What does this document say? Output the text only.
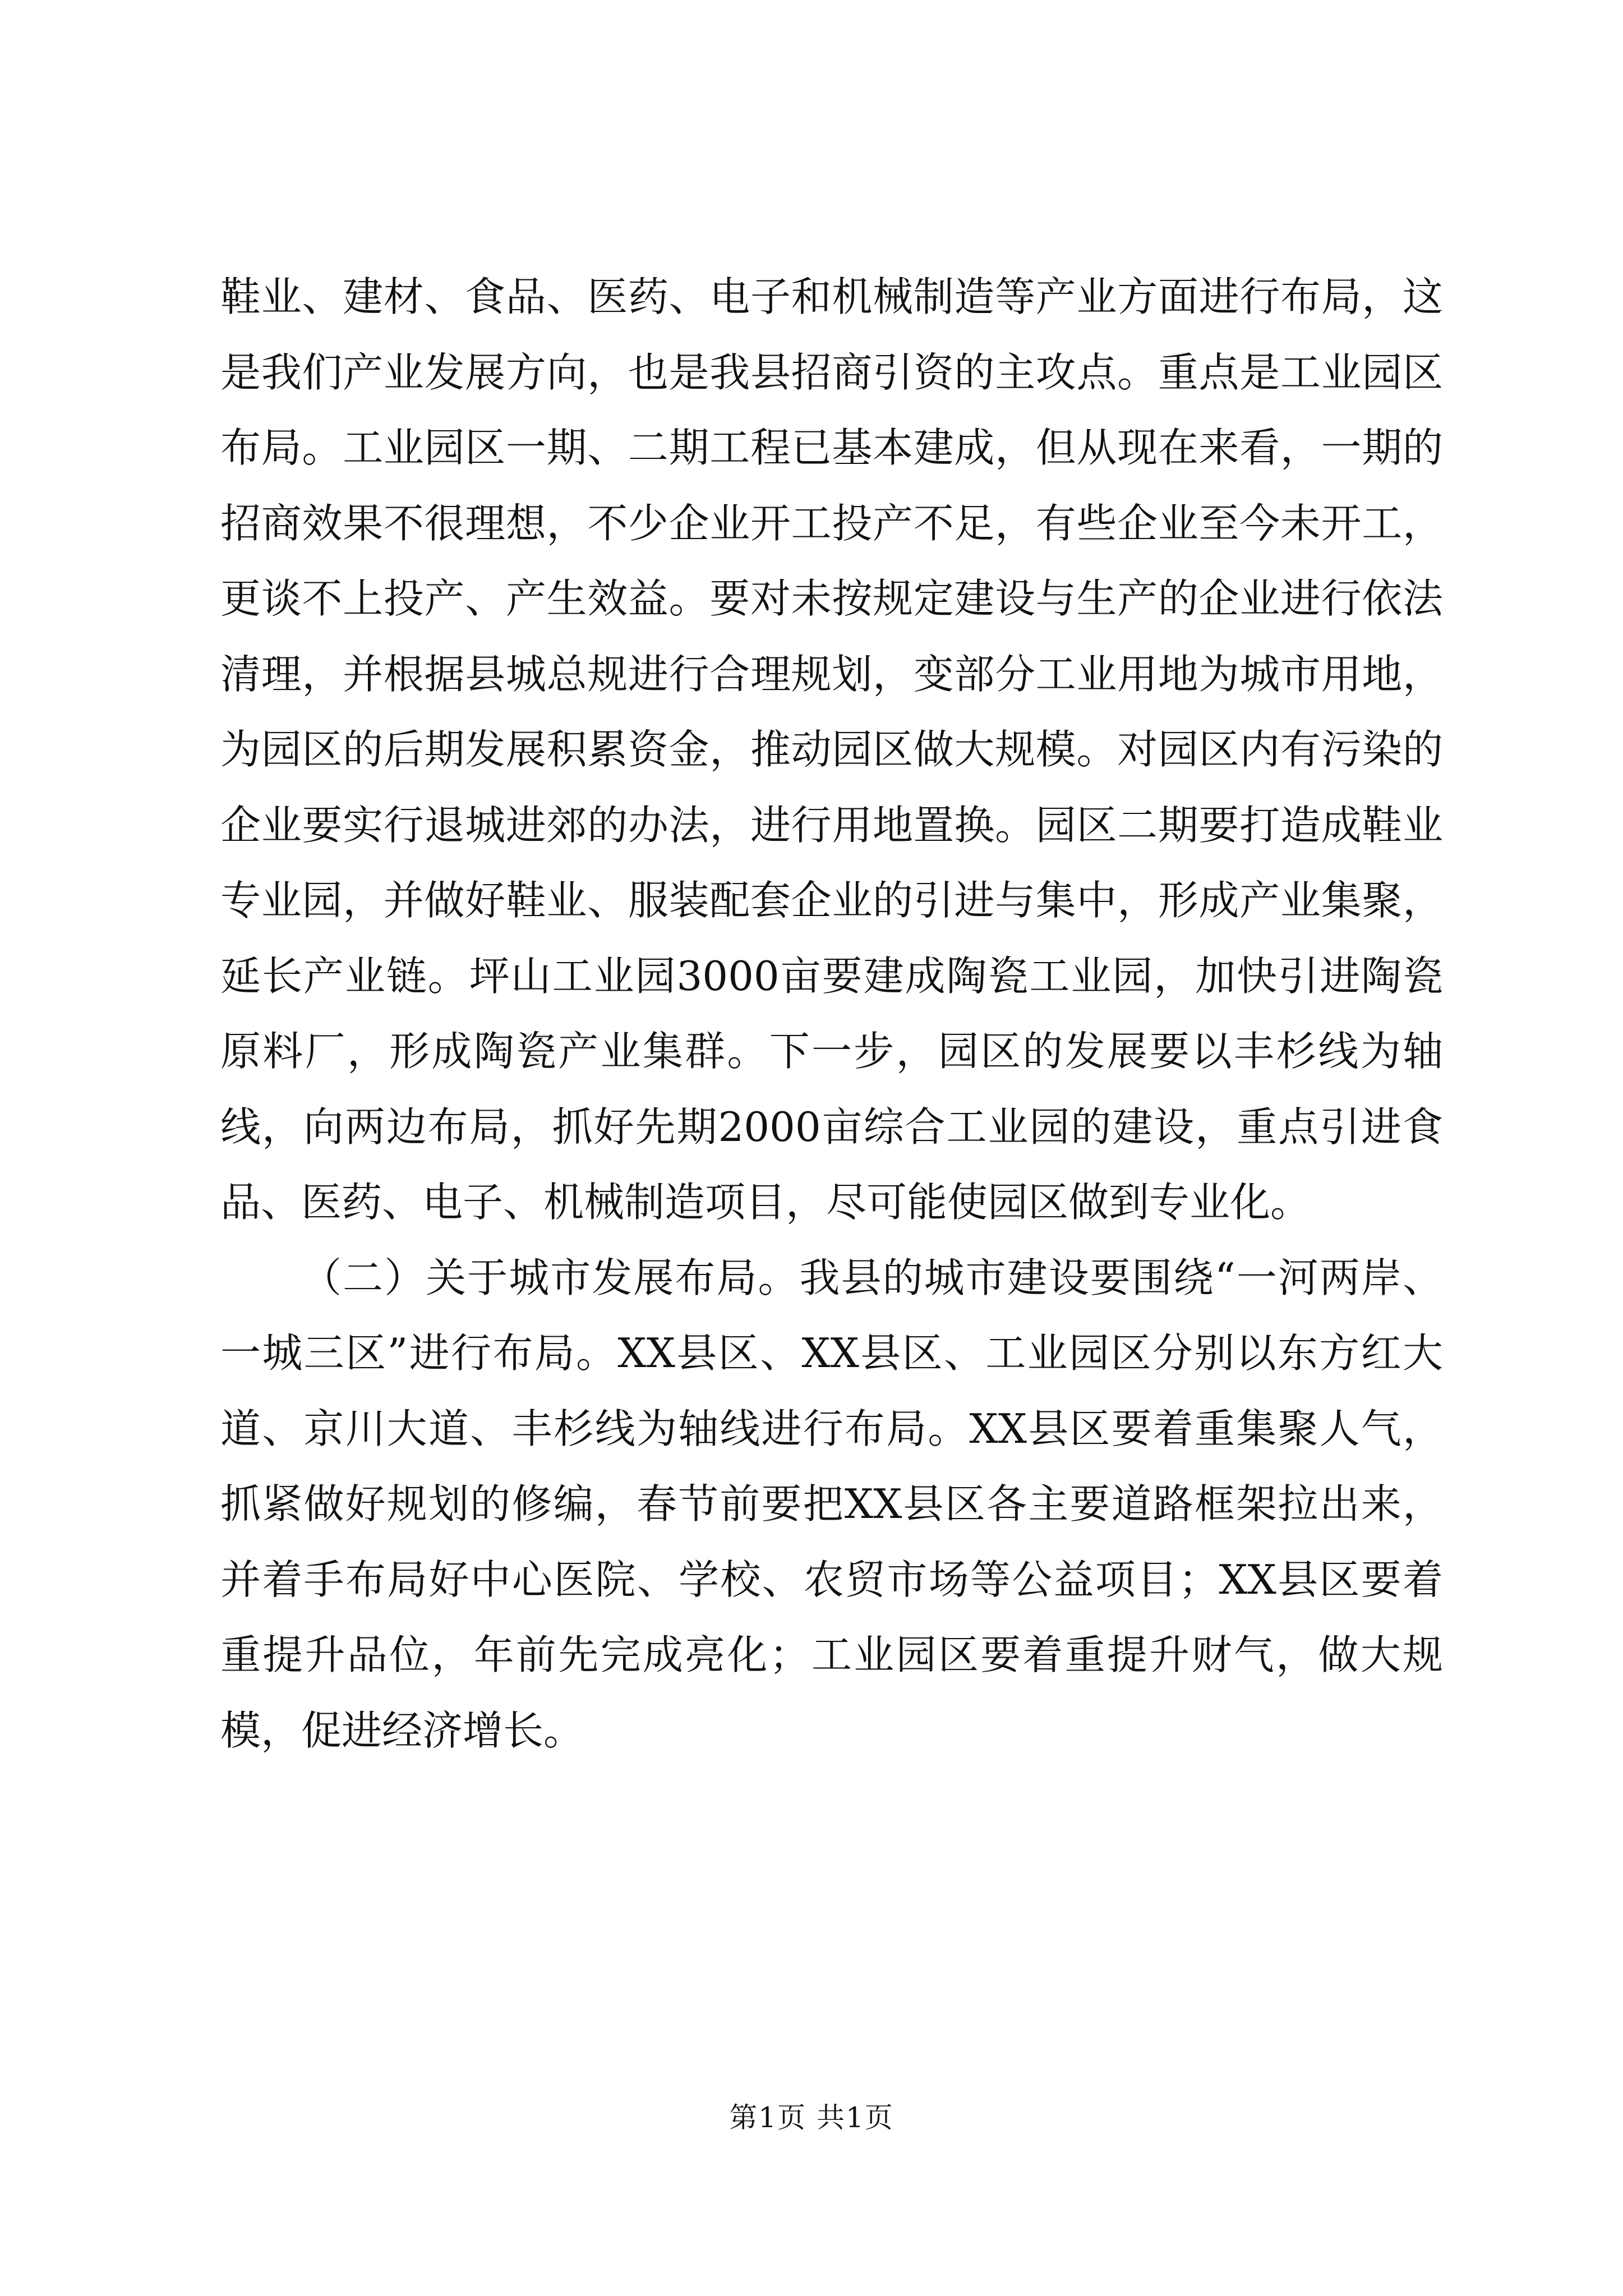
鞋业、建材、食品、医药、电子和机械制造等产业方面进行布局，这是我们产业发展方向，也是我县招商引资的主攻点。重点是工业园区布局。工业园区一期、二期工程已基本建成，但从现在来看，一期的招商效果不很理想，不少企业开工投产不足，有些企业至今未开工，更谈不上投产、产生效益。要对未按规定建设与生产的企业进行依法清理，并根据县城总规进行合理规划，变部分工业用地为城市用地，为园区的后期发展积累资金，推动园区做大规模。对园区内有污染的企业要实行退城进郊的办法，进行用地置换。园区二期要打造成鞋业专业园，并做好鞋业、服装配套企业的引进与集中，形成产业集聚，延长产业链。坪山工业园3000亩要建成陶瓷工业园，加快引进陶瓷原料厂，形成陶瓷产业集群。下一步，园区的发展要以丰杉线为轴线，向两边布局，抓好先期2000亩综合工业园的建设，重点引进食品、医药、电子、机械制造项目，尽可能使园区做到专业化。

（二）关于城市发展布局。我县的城市建设要围绕“一河两岸、一城三区”进行布局。XX县区、XX县区、工业园区分别以东方红大道、京川大道、丰杉线为轴线进行布局。XX县区要着重集聚人气，抓紧做好规划的修编，春节前要把XX县区各主要道路框架拉出来，并着手布局好中心医院、学校、农贸市场等公益项目；XX县区要着重提升品位，年前先完成亮化；工业园区要着重提升财气，做大规模，促进经济增长。

第1页 共1页
